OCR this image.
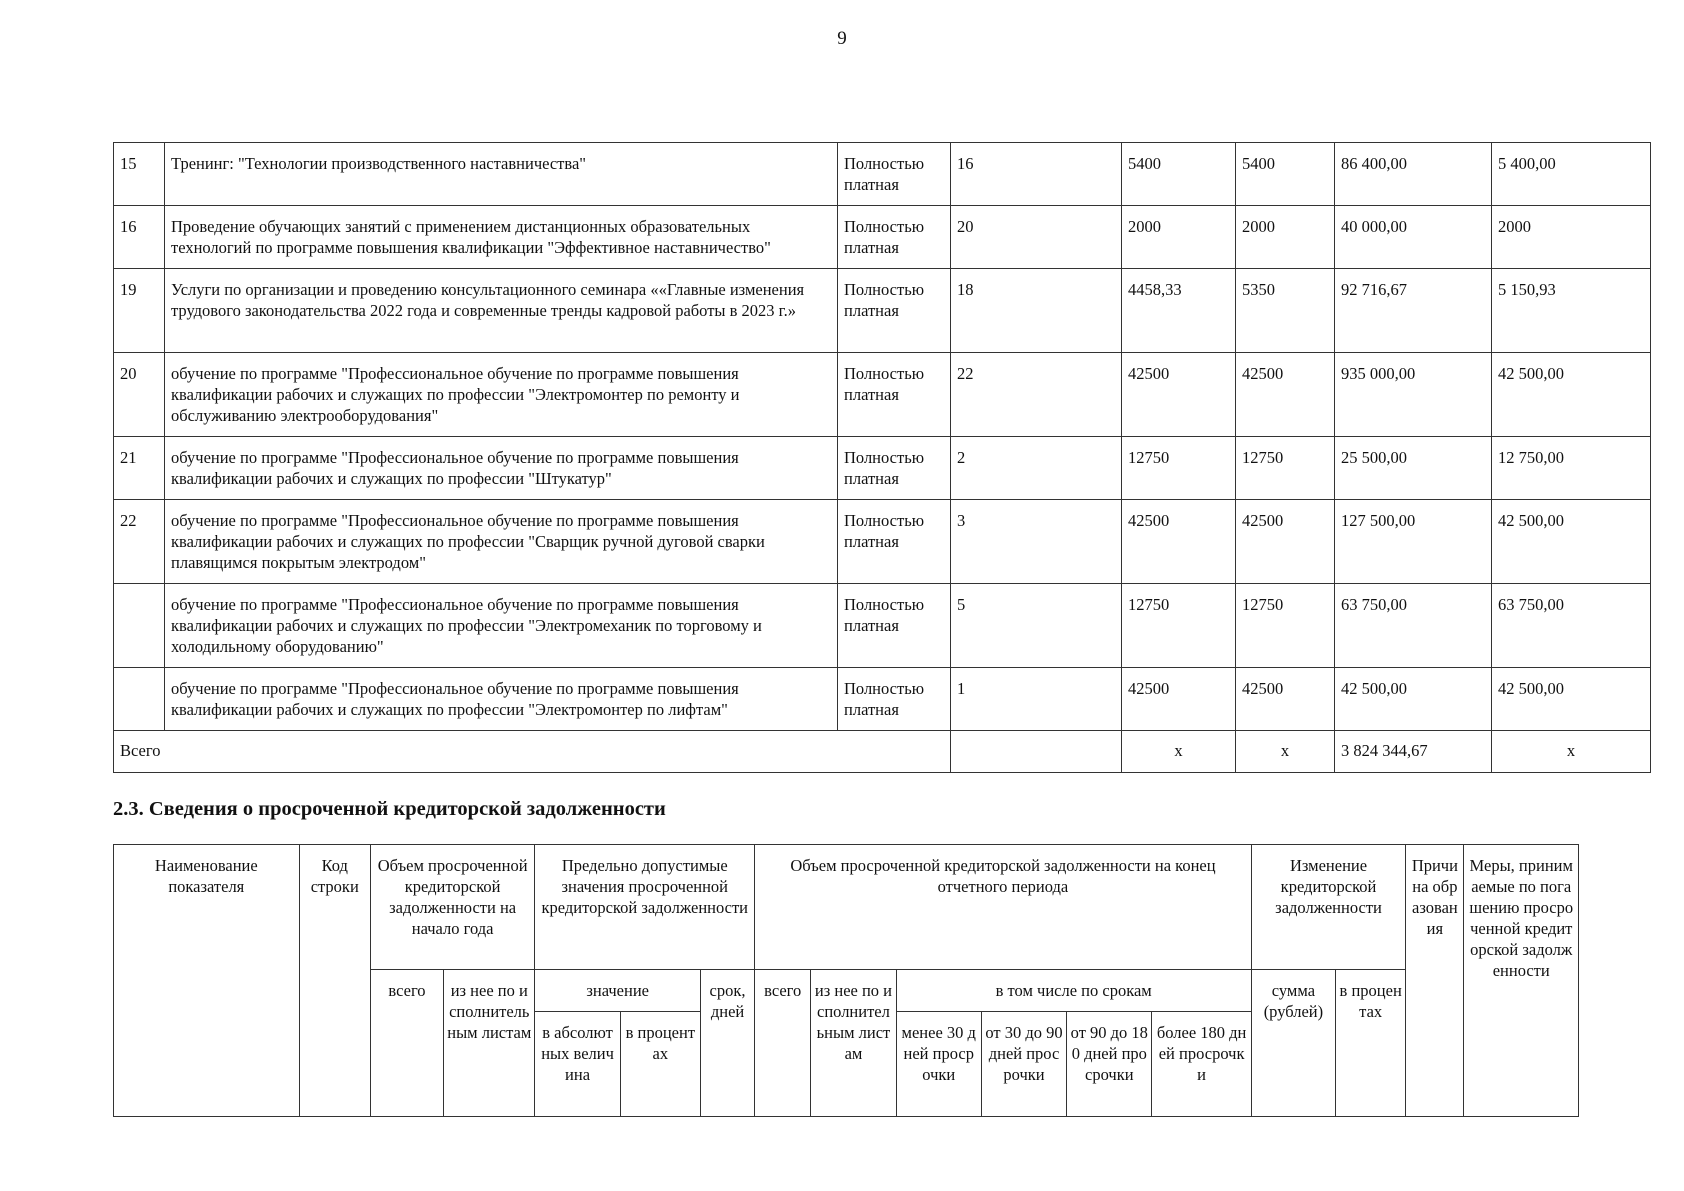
9
15	Тренинг: "Технологии производственного наставничества"	Полностью платная	16	5400	5400	86 400,00	5 400,00
16	Проведение обучающих занятий с применением дистанционных образовательных технологий по программе повышения квалификации "Эффективное наставничество"	Полностью платная	20	2000	2000	40 000,00	2000
19	Услуги по организации и проведению консультационного семинара ««Главные изменения трудового законодательства 2022 года и современные тренды кадровой работы в 2023 г.»	Полностью платная	18	4458,33	5350	92 716,67	5 150,93
20	обучение по программе "Профессиональное обучение по программе повышения квалификации рабочих и служащих по профессии "Электромонтер по ремонту и обслуживанию электрооборудования"	Полностью платная	22	42500	42500	935 000,00	42 500,00
21	обучение по программе "Профессиональное обучение по программе повышения квалификации рабочих и служащих по профессии "Штукатур"	Полностью платная	2	12750	12750	25 500,00	12 750,00
22	обучение по программе "Профессиональное обучение по программе повышения квалификации рабочих и служащих по профессии "Сварщик ручной дуговой сварки плавящимся покрытым электродом"	Полностью платная	3	42500	42500	127 500,00	42 500,00
	обучение по программе "Профессиональное обучение по программе повышения квалификации рабочих и служащих по профессии "Электромеханик по торговому и холодильному оборудованию"	Полностью платная	5	12750	12750	63 750,00	63 750,00
	обучение по программе "Профессиональное обучение по программе повышения квалификации рабочих и служащих по профессии "Электромонтер по лифтам"	Полностью платная	1	42500	42500	42 500,00	42 500,00
Всего				x	x	3 824 344,67	x
2.3. Сведения о просроченной кредиторской задолженности
Наименование показателя	Код строки	Объем просроченной кредиторской задолженности на начало года		Предельно допустимые значения просроченной кредиторской задолженности			Объем просроченной кредиторской задолженности на конец отчетного периода						Изменение кредиторской задолженности		Причина образования	Меры, принимаемые по погашению просроченной кредиторской задолженности
		всего	из нее по исполнительным листам	значение		срок, дней	всего	из нее по исполнительным листам	в том числе по срокам				сумма (рублей)	в процентах		
				в абсолютных величина	в процентах				менее 30 дней просрочки	от 30 до 90 дней просрочки	от 90 до 180 дней просрочки	более 180 дней просрочки				
